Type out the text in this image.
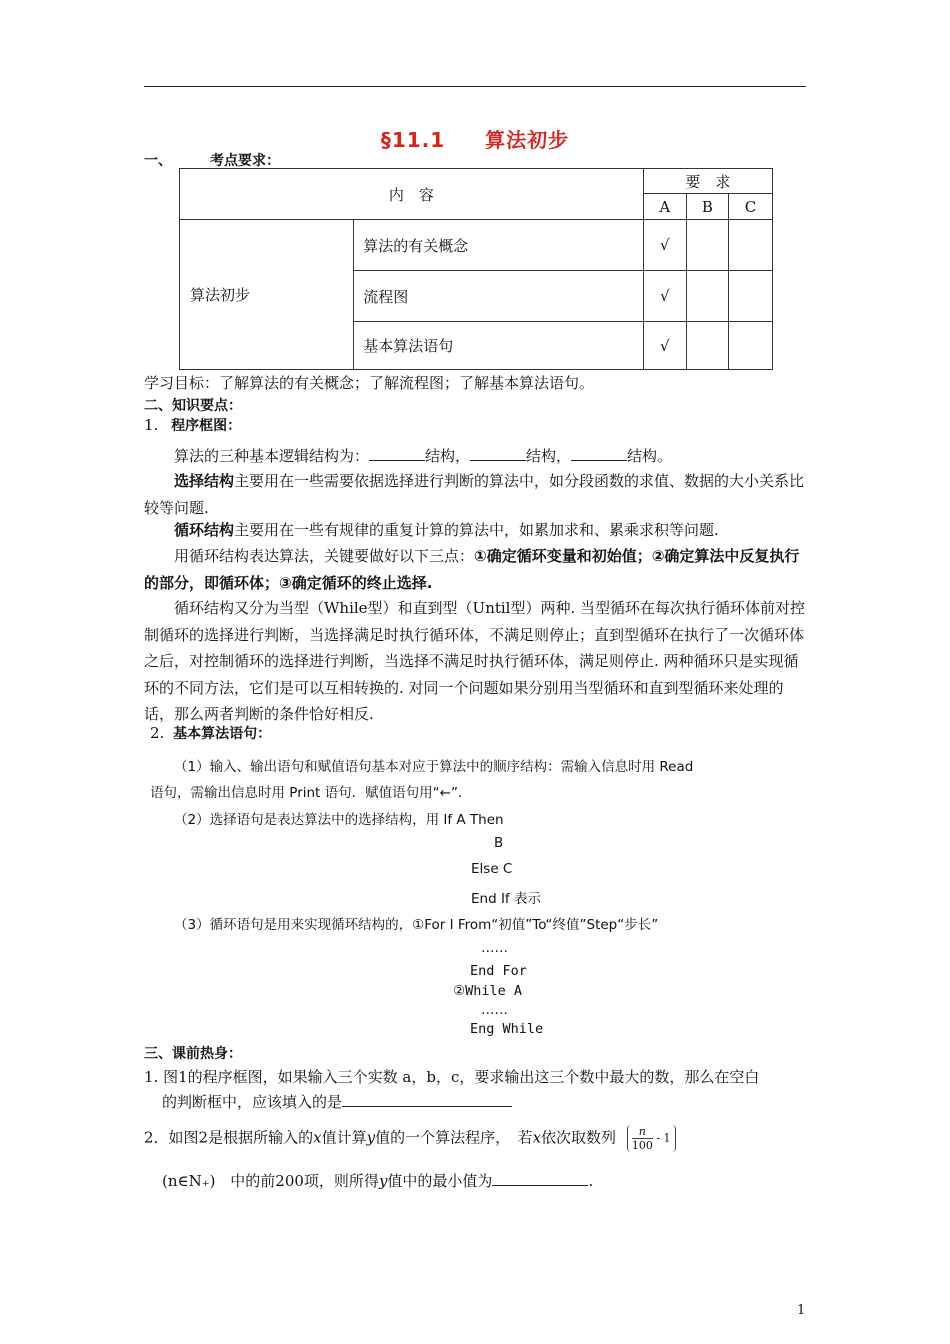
§11.1 算法初步
一、	考点要求：
内　容		要　求		
		A	B	C
算法初步	算法的有关概念	√		
	流程图	√		
	基本算法语句	√		
学习目标：了解算法的有关概念；了解流程图；了解基本算法语句。
二、知识要点：
1. 程序框图：
算法的三种基本逻辑结构为：	结构，	结构，	结构。
选择结构主要用在一些需要依据选择进行判断的算法中，如分段函数的求值、数据的大小关系比较等问题.
循环结构主要用在一些有规律的重复计算的算法中，如累加求和、累乘求积等问题.
用循环结构表达算法，关键要做好以下三点：①确定循环变量和初始值；②确定算法中反复执行的部分，即循环体；③确定循环的终止选择.
循环结构又分为当型（While型）和直到型（Until型）两种. 当型循环在每次执行循环体前对控制循环的选择进行判断，当选择满足时执行循环体，不满足则停止；直到型循环在执行了一次循环体之后，对控制循环的选择进行判断，当选择不满足时执行循环体，满足则停止. 两种循环只是实现循环的不同方法，它们是可以互相转换的. 对同一个问题如果分别用当型循环和直到型循环来处理的话，那么两者判断的条件恰好相反.
2. 基本算法语句：
（1）输入、输出语句和赋值语句基本对应于算法中的顺序结构：需输入信息时用 Read
语句，需输出信息时用 Print 语句．赋值语句用“←”．
（2）选择语句是表达算法中的选择结构，用 If A Then
B
Else C
End If 表示
（3）循环语句是用来实现循环结构的，①For I From“初值”To“终值”Step“步长”
……
End For
②While A
……
Eng While
三、课前热身：
1. 图1的程序框图，如果输入三个实数 a，b，c，要求输出这三个数中最大的数，那么在空白
的判断框中，应该填入的是
2．如图2是根据所输入的x值计算y值的一个算法程序，　若x依次取数列 $\frac{n}{100} - 1$
(n∈N₊) 中的前200项，则所得y值中的最小值为	.
1
